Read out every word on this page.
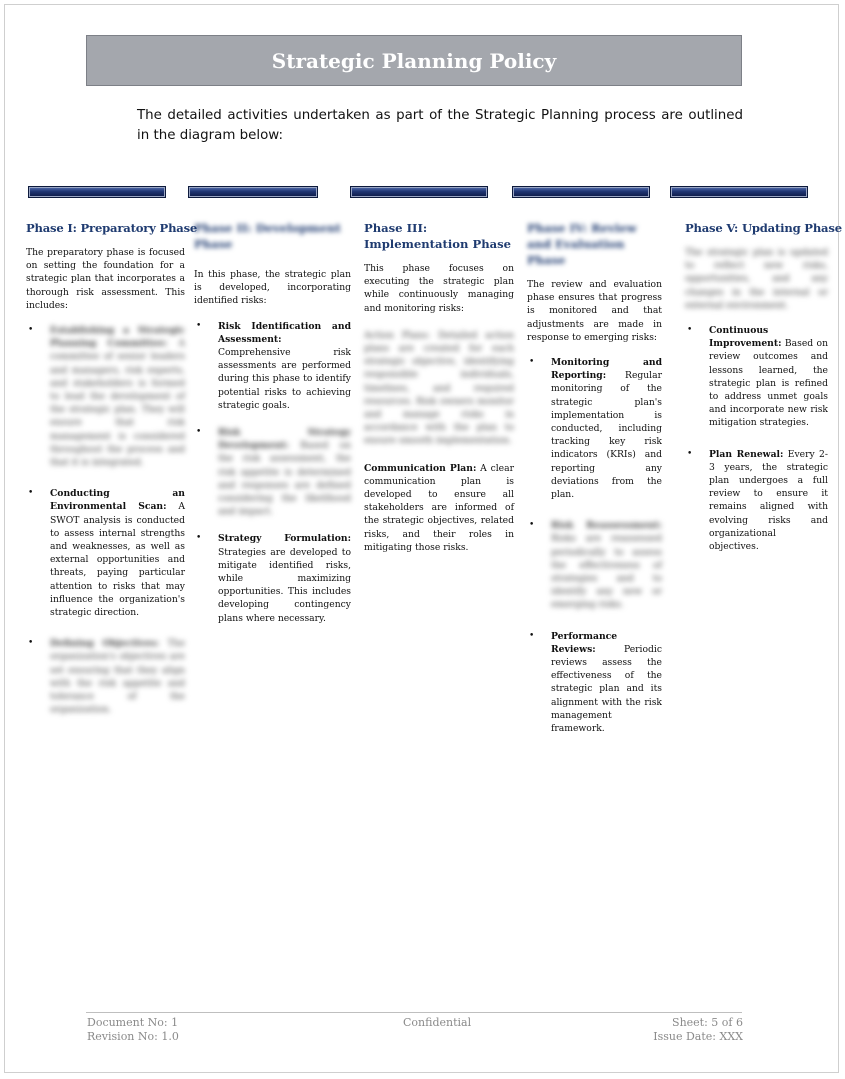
Strategic Planning Policy
The detailed activities undertaken as part of the Strategic Planning process are outlined in the diagram below:
Phase I: Preparatory Phase
The preparatory phase is focused on setting the foundation for a strategic plan that incorporates a thorough risk assessment. This includes:
• Establishing a Strategic Planning Committee: A committee of senior leaders and managers, risk experts, and stakeholders is formed to lead the development of the strategic plan. They will ensure that risk management is considered throughout the process and that it is integrated.
• Conducting an Environmental Scan: A SWOT analysis is conducted to assess internal strengths and weaknesses, as well as external opportunities and threats, paying particular attention to risks that may influence the organization's strategic direction.
• Defining Objectives: The organization's objectives are set ensuring that they align with the risk appetite and tolerance of the organization.
Phase II: Development Phase
In this phase, the strategic plan is developed, incorporating identified risks:
• Risk Identification and Assessment: Comprehensive risk assessments are performed during this phase to identify potential risks to achieving strategic goals.
• Risk Strategy Development: Based on the risk assessment, the risk appetite is determined and responses are defined considering the likelihood and impact.
• Strategy Formulation: Strategies are developed to mitigate identified risks, while maximizing opportunities. This includes developing contingency plans where necessary.
Phase III:
Implementation Phase
This phase focuses on executing the strategic plan while continuously managing and monitoring risks:
Action Plans: Detailed action plans are created for each strategic objective, identifying responsible individuals, timelines, and required resources. Risk owners monitor and manage risks in accordance with the plan to ensure smooth implementation.
Communication Plan: A clear communication plan is developed to ensure all stakeholders are informed of the strategic objectives, related risks, and their roles in mitigating those risks.
Phase IV: Review and Evaluation Phase
The review and evaluation phase ensures that progress is monitored and that adjustments are made in response to emerging risks:
• Monitoring and Reporting: Regular monitoring of the strategic plan's implementation is conducted, including tracking key risk indicators (KRIs) and reporting any deviations from the plan.
• Risk Reassessment: Risks are reassessed periodically to assess the effectiveness of strategies and to identify any new or emerging risks.
• Performance Reviews:	Periodic reviews assess the effectiveness of the strategic plan and its alignment with the risk management framework.
Phase V: Updating Phase
The strategic plan is updated to reflect new risks, opportunities, and any changes in the internal or external environment.
• Continuous Improvement: Based on review outcomes and lessons learned, the strategic plan is refined to address unmet goals and incorporate new risk mitigation strategies.
• Plan Renewal: Every 2-3 years, the strategic plan undergoes a full review to ensure it remains aligned with evolving risks and organizational objectives.
Document No: 1
Revision No: 1.0
Confidential	Sheet: 5 of 6
Issue Date: XXX
